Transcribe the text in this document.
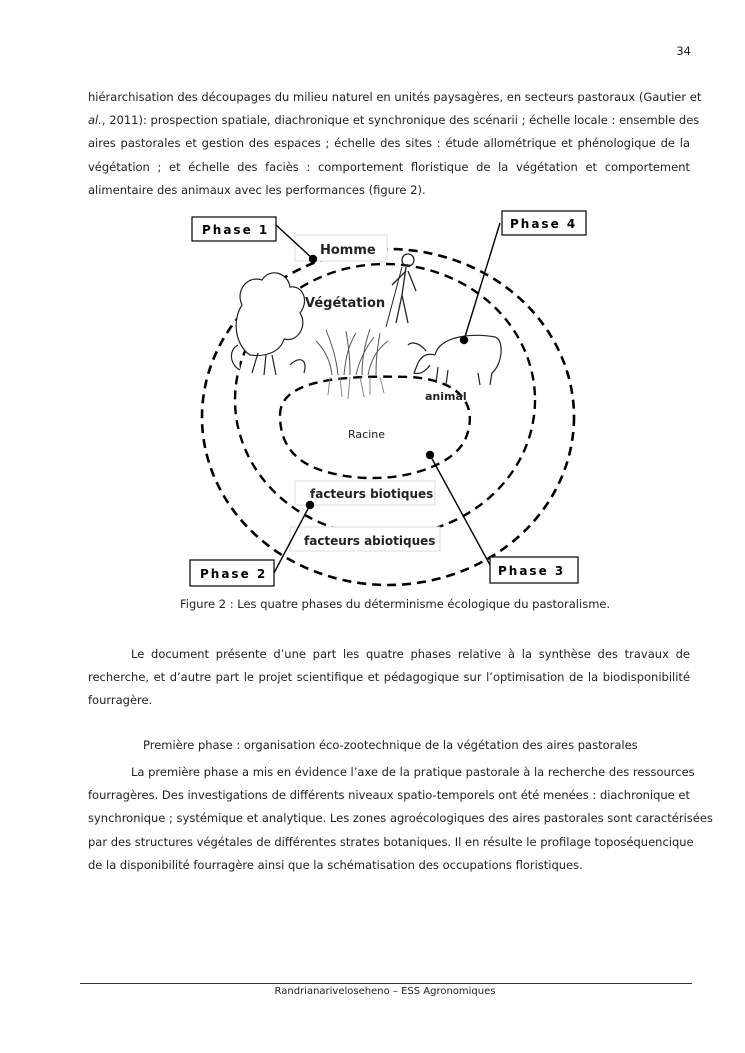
34

hiérarchisation des découpages du milieu naturel en unités paysagères, en secteurs pastoraux (Gautier et
al., 2011): prospection spatiale, diachronique et synchronique des scénarii ; échelle locale : ensemble des
aires pastorales et gestion des espaces ; échelle des sites : étude allométrique et phénologique de la
végétation ; et échelle des faciès : comportement floristique de la végétation et comportement
alimentaire des animaux avec les performances (figure 2).

Homme
Végétation
animal
Racine
facteurs biotiques
facteurs abiotiques
Phase 1	Phase 4
Phase 2	Phase 3
Figure 2 : Les quatre phases du déterminisme écologique du pastoralisme.

Le document présente d’une part les quatre phases relative à la synthèse des travaux de
recherche, et d’autre part le projet scientifique et pédagogique sur l’optimisation de la biodisponibilité
fourragère.

Première phase : organisation éco-zootechnique de la végétation des aires pastorales

La première phase a mis en évidence l’axe de la pratique pastorale à la recherche des ressources
fourragères. Des investigations de différents niveaux spatio-temporels ont été menées : diachronique et
synchronique ; systémique et analytique. Les zones agroécologiques des aires pastorales sont caractérisées
par des structures végétales de différentes strates botaniques. Il en résulte le profilage toposéquencique
de la disponibilité fourragère ainsi que la schématisation des occupations floristiques.

Randrianariveloseheno – ESS Agronomiques
